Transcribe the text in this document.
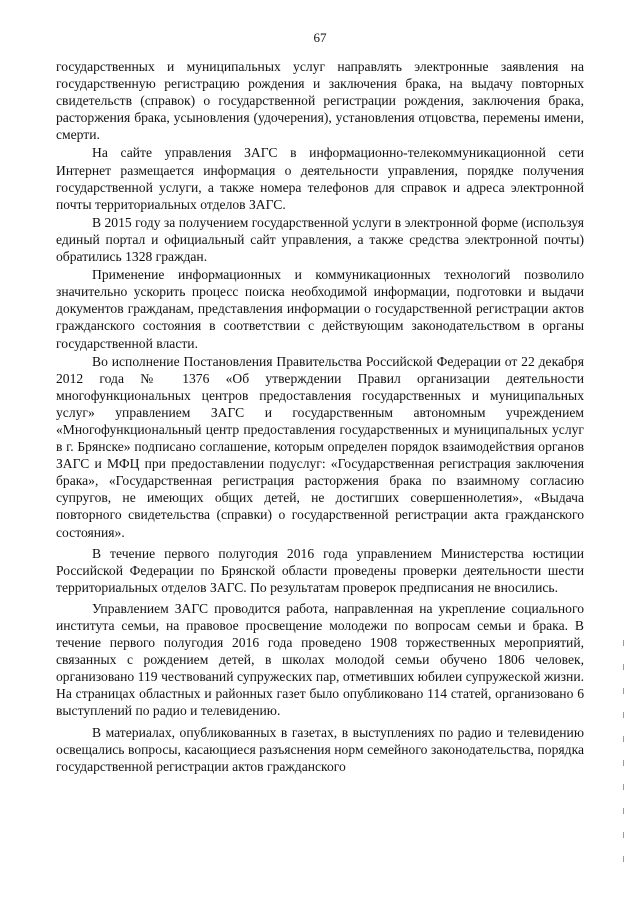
67

государственных и муниципальных услуг направлять электронные заявления на государственную регистрацию рождения и заключения брака, на выдачу повторных свидетельств (справок) о государственной регистрации рождения, заключения брака, расторжения брака, усыновления (удочерения), установления отцовства, перемены имени, смерти.

На сайте управления ЗАГС в информационно-телекоммуникационной сети Интернет размещается информация о деятельности управления, порядке получения государственной услуги, а также номера телефонов для справок и адреса электронной почты территориальных отделов ЗАГС.

В 2015 году за получением государственной услуги в электронной форме (используя единый портал и официальный сайт управления, а также средства электронной почты) обратились 1328 граждан.

Применение информационных и коммуникационных технологий позволило значительно ускорить процесс поиска необходимой информации, подготовки и выдачи документов гражданам, представления информации о государственной регистрации актов гражданского состояния в соответствии с действующим законодательством в органы государственной власти.

Во исполнение Постановления Правительства Российской Федерации от 22 декабря 2012 года № 1376 «Об утверждении Правил организации деятельности многофункциональных центров предоставления государственных и муниципальных услуг» управлением ЗАГС и государственным автономным учреждением «Многофункциональный центр предоставления государственных и муниципальных услуг в г. Брянске» подписано соглашение, которым определен порядок взаимодействия органов ЗАГС и МФЦ при предоставлении подуслуг: «Государственная регистрация заключения брака», «Государственная регистрация расторжения брака по взаимному согласию супругов, не имеющих общих детей, не достигших совершеннолетия», «Выдача повторного свидетельства (справки) о государственной регистрации акта гражданского состояния».

В течение первого полугодия 2016 года управлением Министерства юстиции Российской Федерации по Брянской области проведены проверки деятельности шести территориальных отделов ЗАГС. По результатам проверок предписания не вносились.

Управлением ЗАГС проводится работа, направленная на укрепление социального института семьи, на правовое просвещение молодежи по вопросам семьи и брака. В течение первого полугодия 2016 года проведено 1908 торжественных мероприятий, связанных с рождением детей, в школах молодой семьи обучено 1806 человек, организовано 119 чествований супружеских пар, отметивших юбилеи супружеской жизни. На страницах областных и районных газет было опубликовано 114 статей, организовано 6 выступлений по радио и телевидению.

В материалах, опубликованных в газетах, в выступлениях по радио и телевидению освещались вопросы, касающиеся разъяснения норм семейного законодательства, порядка государственной регистрации актов гражданского
